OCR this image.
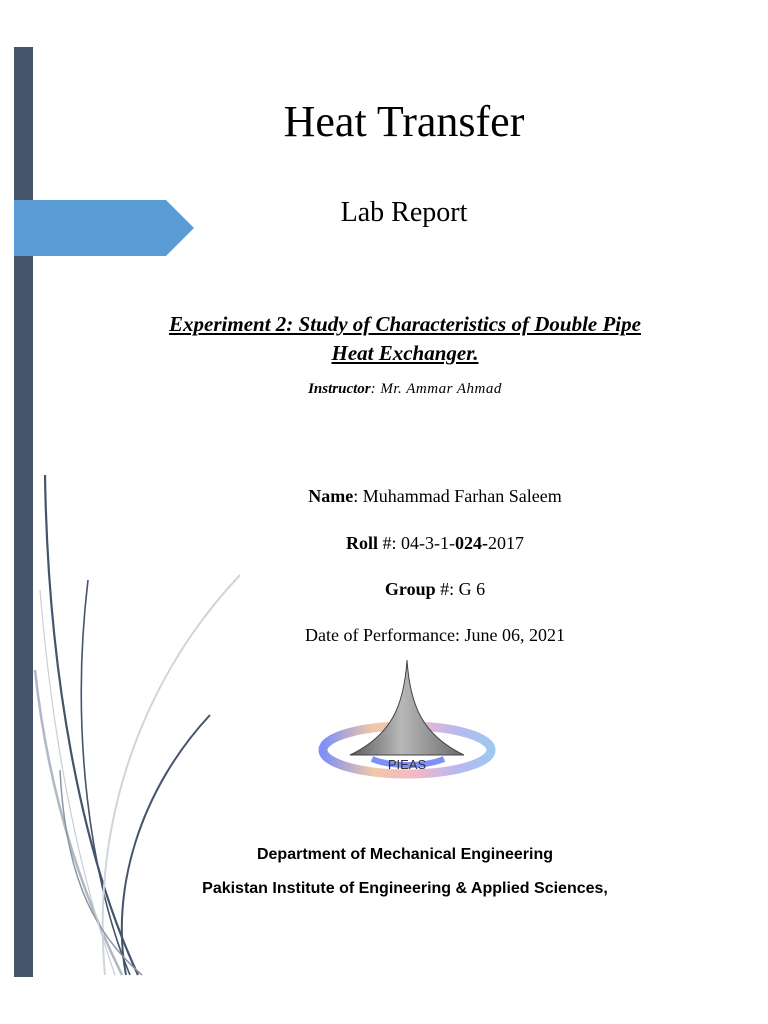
Heat Transfer
Lab Report
Experiment 2: Study of Characteristics of Double Pipe
Heat Exchanger.
Instructor: Mr. Ammar Ahmad
Name: Muhammad Farhan Saleem
Roll #: 04-3-1-024-2017
Group #: G 6
Date of Performance: June 06, 2021
PIEAS
Department of Mechanical Engineering
Pakistan Institute of Engineering & Applied Sciences,
